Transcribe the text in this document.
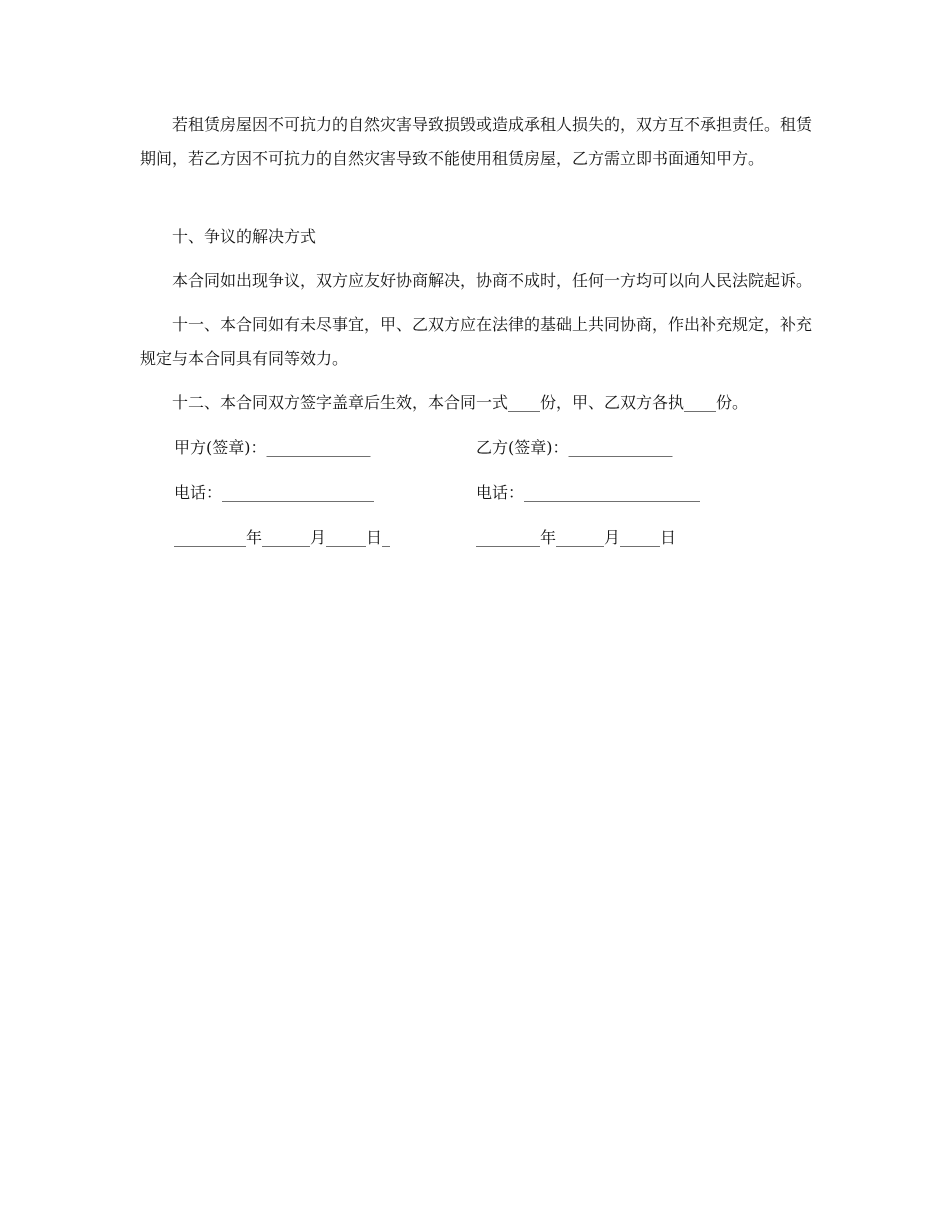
若租赁房屋因不可抗力的自然灾害导致损毁或造成承租人损失的，双方互不承担责任。租赁期间，若乙方因不可抗力的自然灾害导致不能使用租赁房屋，乙方需立即书面通知甲方。

十、争议的解决方式

本合同如出现争议，双方应友好协商解决，协商不成时，任何一方均可以向人民法院起诉。

十一、本合同如有未尽事宜，甲、乙双方应在法律的基础上共同协商，作出补充规定，补充规定与本合同具有同等效力。

十二、本合同双方签字盖章后生效，本合同一式____份，甲、乙双方各执____份。

甲方(签章)：_____________	乙方(签章)：_____________
电话：___________________	电话：______________________
_________年______月_____日_	________年______月_____日
